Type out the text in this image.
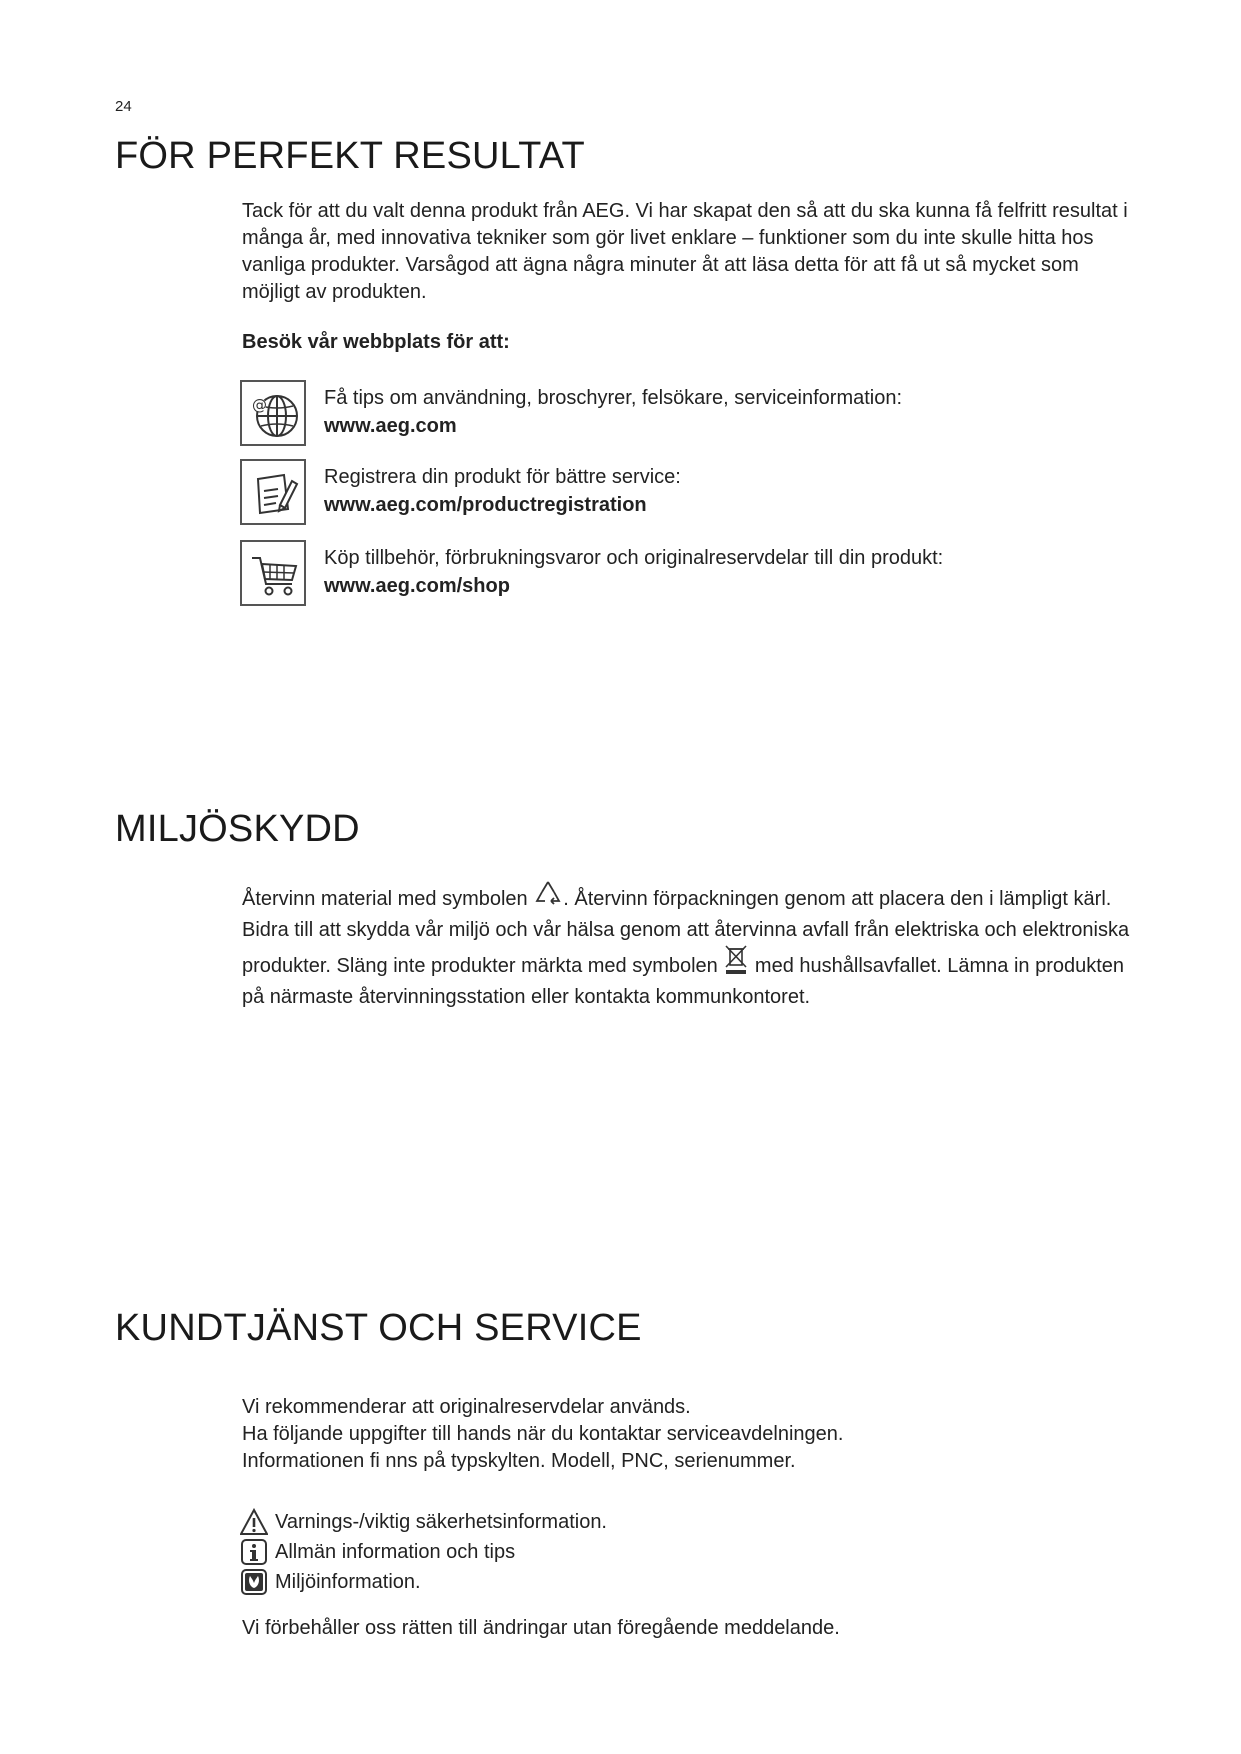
24
FÖR PERFEKT RESULTAT
Tack för att du valt denna produkt från AEG. Vi har skapat den så att du ska kunna få felfritt resultat i många år, med innovativa tekniker som gör livet enklare – funktioner som du inte skulle hitta hos vanliga produkter. Varsågod att ägna några minuter åt att läsa detta för att få ut så mycket som möjligt av produkten.
Besök vår webbplats för att:
@	Få tips om användning, broschyrer, felsökare, serviceinformation:
www.aeg.com
Registrera din produkt för bättre service:
www.aeg.com/productregistration
Köp tillbehör, förbrukningsvaror och originalreservdelar till din produkt:
www.aeg.com/shop
MILJÖSKYDD
Återvinn material med symbolen . Återvinn förpackningen genom att placera den i lämpligt kärl.
Bidra till att skydda vår miljö och vår hälsa genom att återvinna avfall från elektriska och elektroniska produkter. Släng inte produkter märkta med symbolen  med hushållsavfallet. Lämna in produkten på närmaste återvinningsstation eller kontakta kommunkontoret.
KUNDTJÄNST OCH SERVICE
Vi rekommenderar att originalreservdelar används.
Ha följande uppgifter till hands när du kontaktar serviceavdelningen.
Informationen fi nns på typskylten. Modell, PNC, serienummer.
Varnings-/viktig säkerhetsinformation.
Allmän information och tips
Miljöinformation.
Vi förbehåller oss rätten till ändringar utan föregående meddelande.
